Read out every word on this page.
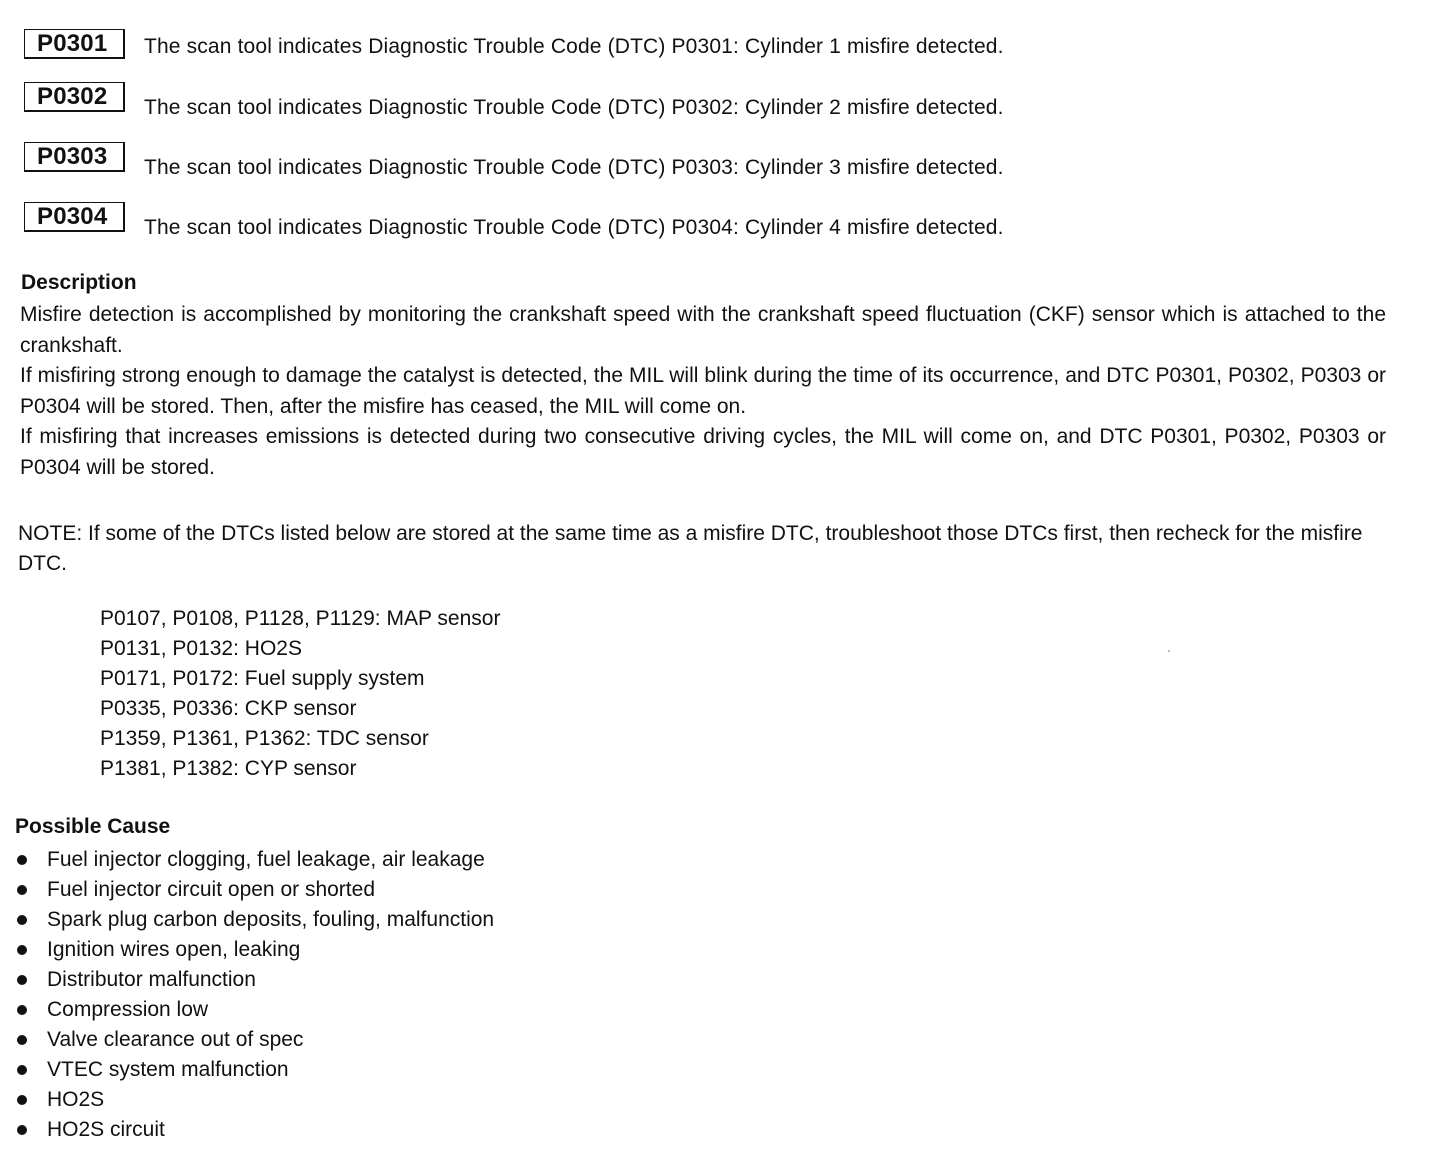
P0301	The scan tool indicates Diagnostic Trouble Code (DTC) P0301: Cylinder 1 misfire detected.
P0302	The scan tool indicates Diagnostic Trouble Code (DTC) P0302: Cylinder 2 misfire detected.
P0303	The scan tool indicates Diagnostic Trouble Code (DTC) P0303: Cylinder 3 misfire detected.
P0304	The scan tool indicates Diagnostic Trouble Code (DTC) P0304: Cylinder 4 misfire detected.
Description

Misfire detection is accomplished by monitoring the crankshaft speed with the crankshaft speed fluctuation (CKF) sensor which is attached to the crankshaft.

If misfiring strong enough to damage the catalyst is detected, the MIL will blink during the time of its occurrence, and DTC P0301, P0302, P0303 or P0304 will be stored. Then, after the misfire has ceased, the MIL will come on.

If misfiring that increases emissions is detected during two consecutive driving cycles, the MIL will come on, and DTC P0301, P0302, P0303 or P0304 will be stored.

NOTE: If some of the DTCs listed below are stored at the same time as a misfire DTC, troubleshoot those DTCs first, then recheck for the misfire DTC.
P0107, P0108, P1128, P1129: MAP sensor
P0131, P0132: HO2S
P0171, P0172: Fuel supply system
P0335, P0336: CKP sensor
P1359, P1361, P1362: TDC sensor
P1381, P1382: CYP sensor
Possible Cause
Fuel injector clogging, fuel leakage, air leakage
Fuel injector circuit open or shorted
Spark plug carbon deposits, fouling, malfunction
Ignition wires open, leaking
Distributor malfunction
Compression low
Valve clearance out of spec
VTEC system malfunction
HO2S
HO2S circuit
